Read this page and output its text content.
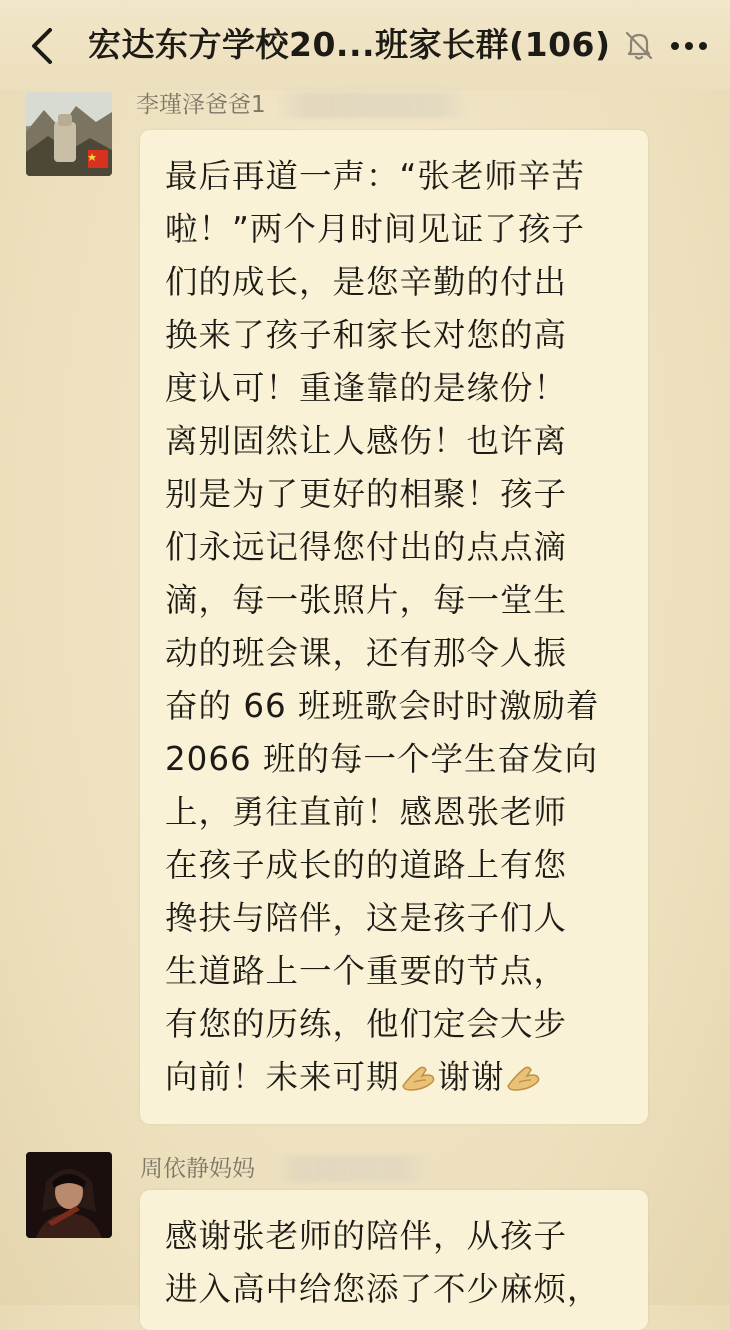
宏达东方学校20...班家长群(106)
李瑾泽爸爸1
最后再道一声：“张老师辛苦
啦！”两个月时间见证了孩子
们的成长，是您辛勤的付出
换来了孩子和家长对您的高
度认可！重逢靠的是缘份！
离别固然让人感伤！也许离
别是为了更好的相聚！孩子
们永远记得您付出的点点滴
滴，每一张照片，每一堂生
动的班会课，还有那令人振
奋的 66 班班歌会时时激励着
2066 班的每一个学生奋发向
上，勇往直前！感恩张老师
在孩子成长的的道路上有您
搀扶与陪伴，这是孩子们人
生道路上一个重要的节点，
有您的历练，他们定会大步
向前！未来可期 谢谢
周依静妈妈
感谢张老师的陪伴，从孩子
进入高中给您添了不少麻烦，
